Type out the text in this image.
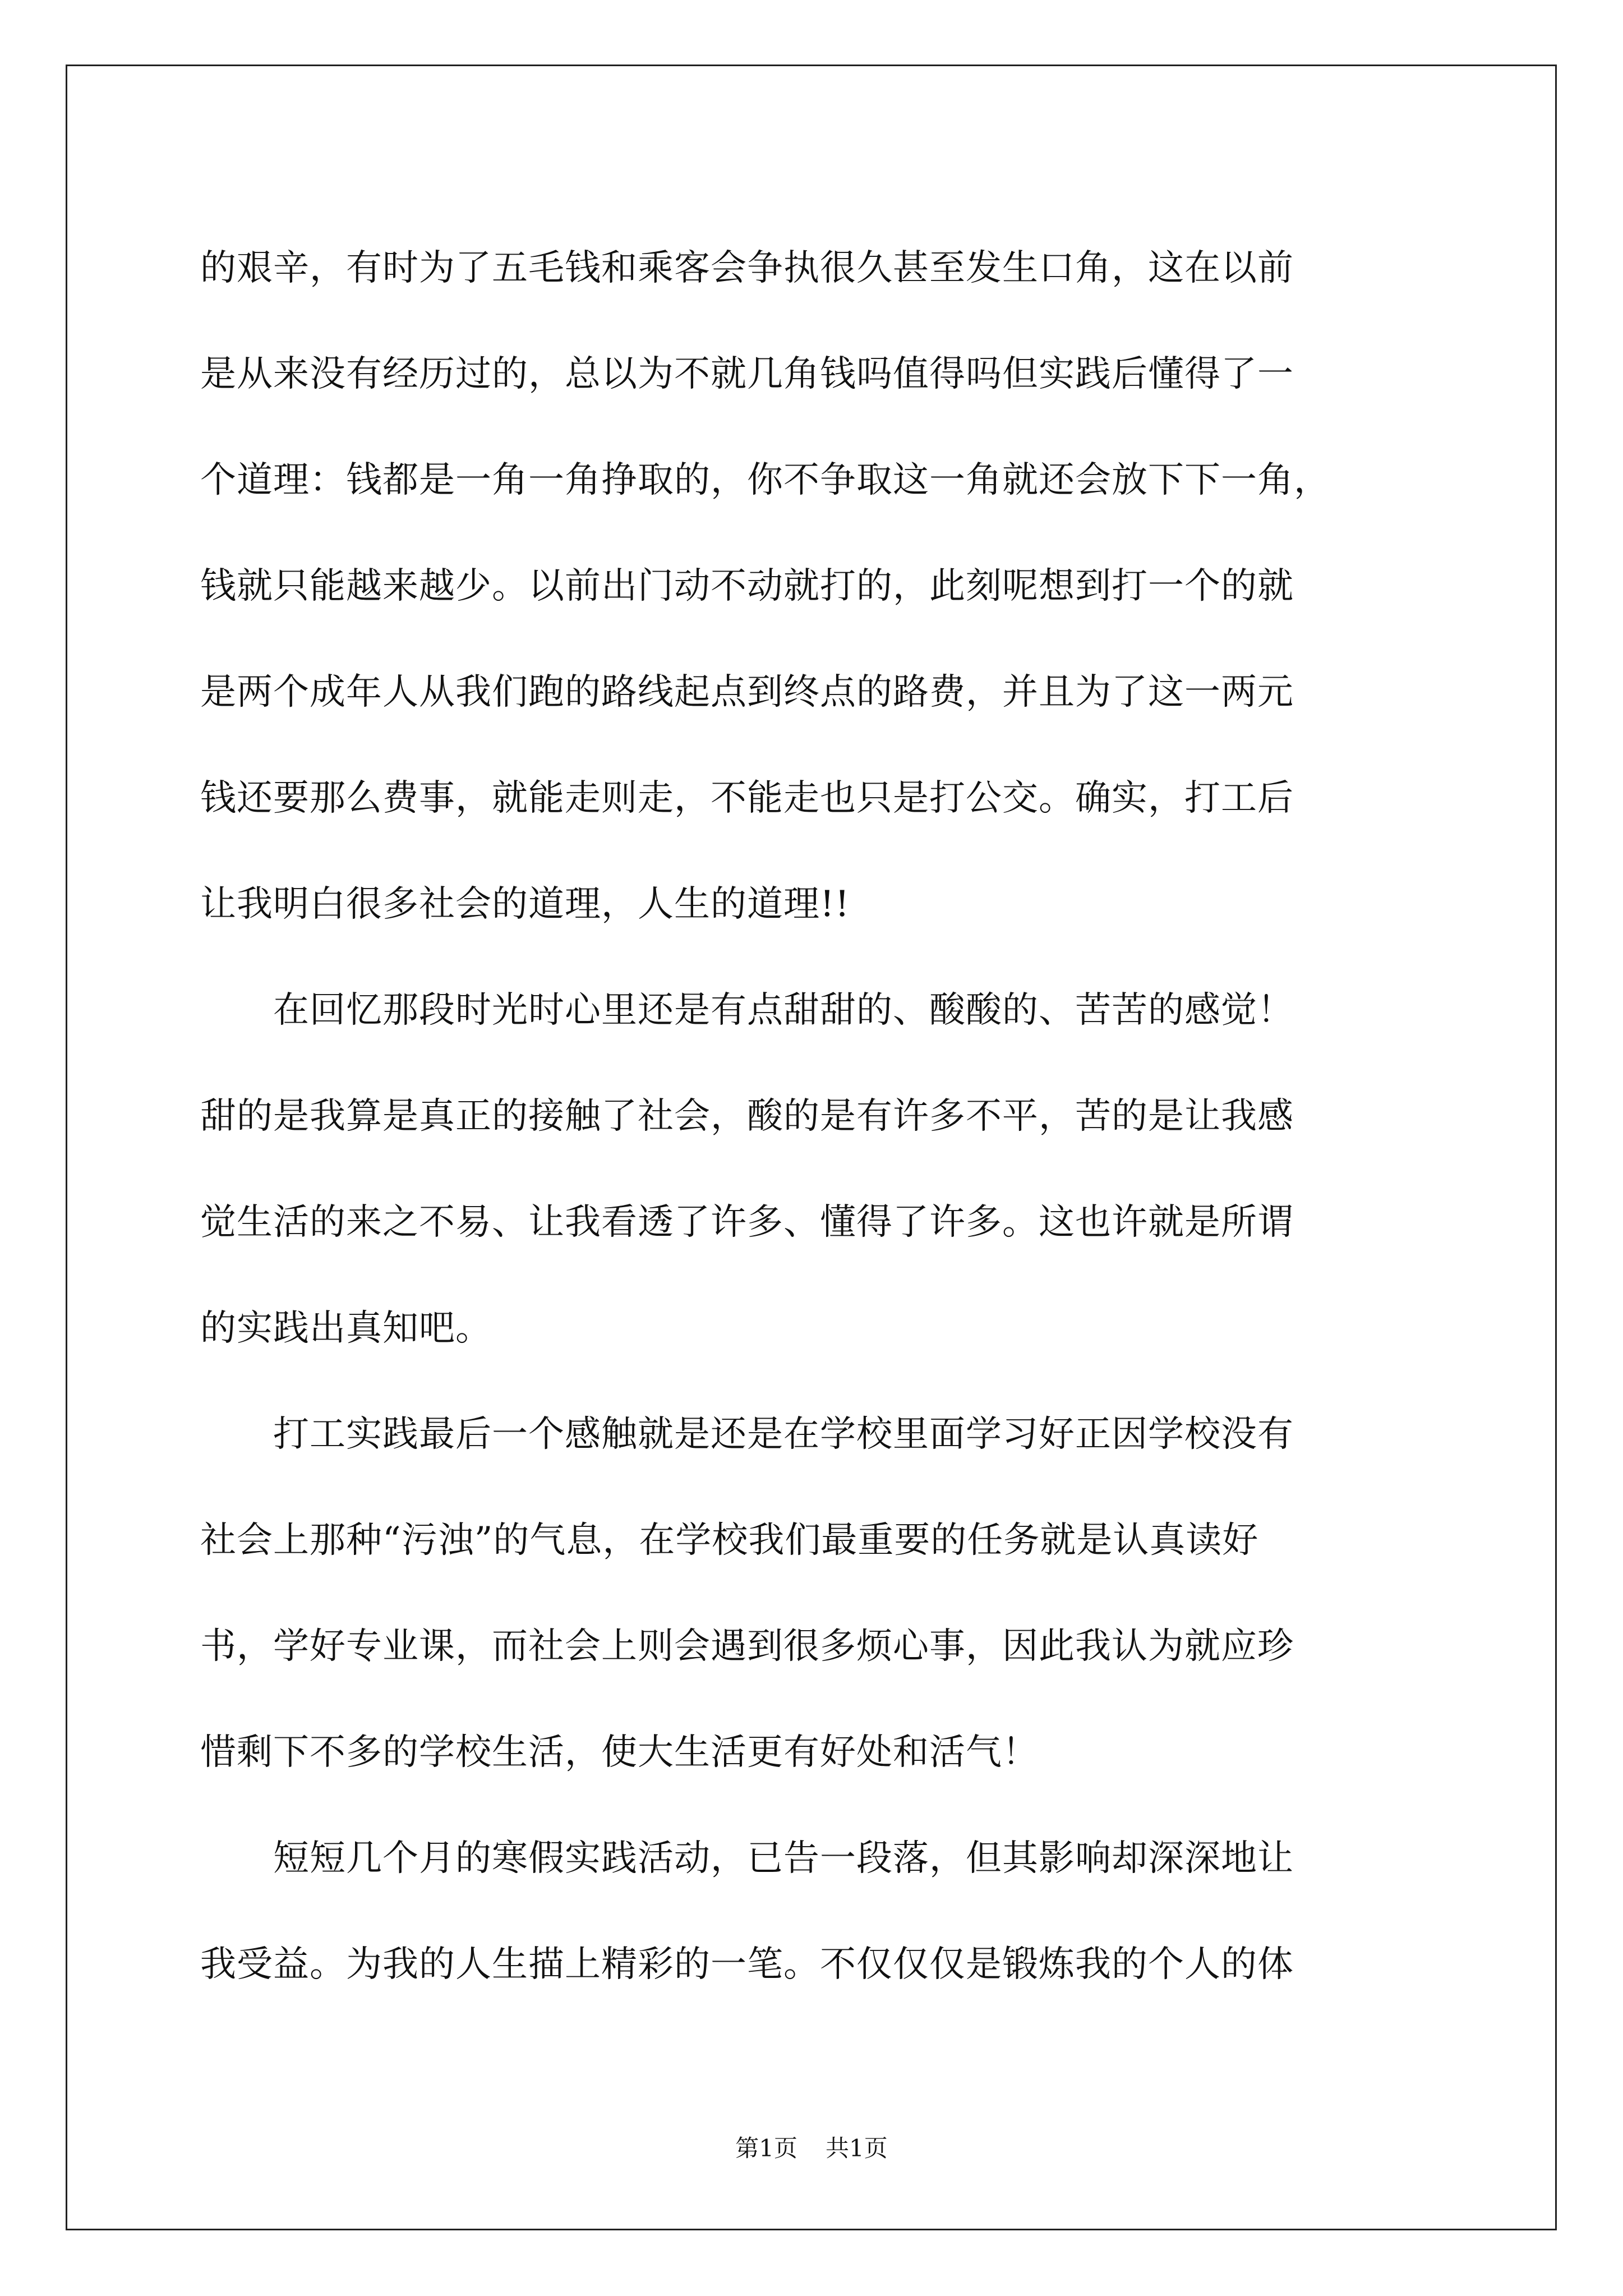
的艰辛，有时为了五毛钱和乘客会争执很久甚至发生口角，这在以前
是从来没有经历过的，总以为不就几角钱吗值得吗但实践后懂得了一
个道理：钱都是一角一角挣取的，你不争取这一角就还会放下下一角，
钱就只能越来越少。以前出门动不动就打的，此刻呢想到打一个的就
是两个成年人从我们跑的路线起点到终点的路费，并且为了这一两元
钱还要那么费事，就能走则走，不能走也只是打公交。确实，打工后
让我明白很多社会的道理，人生的道理!!
　　在回忆那段时光时心里还是有点甜甜的、酸酸的、苦苦的感觉！
甜的是我算是真正的接触了社会，酸的是有许多不平，苦的是让我感
觉生活的来之不易、让我看透了许多、懂得了许多。这也许就是所谓
的实践出真知吧。
　　打工实践最后一个感触就是还是在学校里面学习好正因学校没有
社会上那种“污浊”的气息，在学校我们最重要的任务就是认真读好
书，学好专业课，而社会上则会遇到很多烦心事，因此我认为就应珍
惜剩下不多的学校生活，使大生活更有好处和活气！
　　短短几个月的寒假实践活动，已告一段落，但其影响却深深地让
我受益。为我的人生描上精彩的一笔。不仅仅仅是锻炼我的个人的体
第1页 共1页
